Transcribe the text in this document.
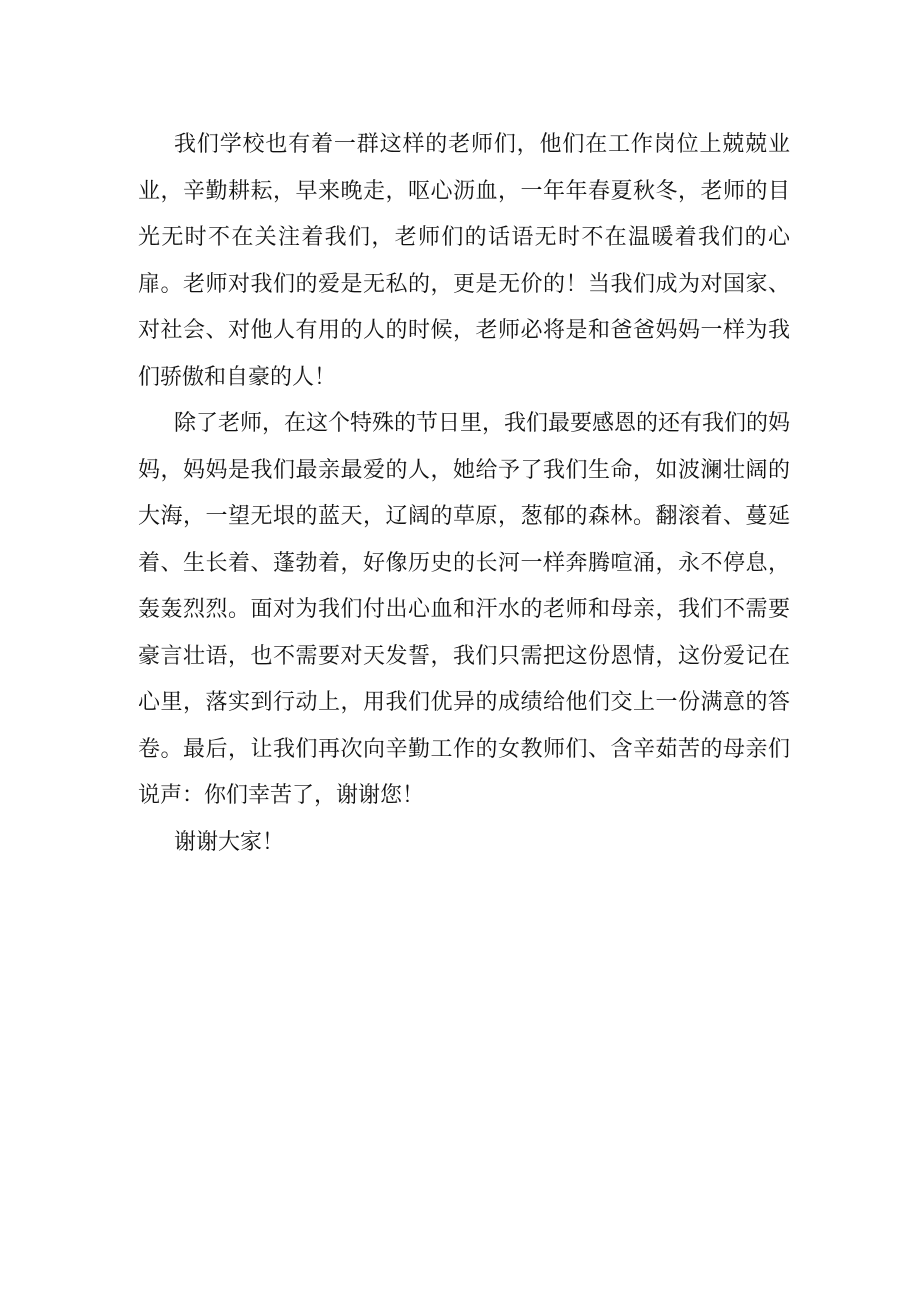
我们学校也有着一群这样的老师们，他们在工作岗位上兢兢业业，辛勤耕耘，早来晚走，呕心沥血，一年年春夏秋冬，老师的目光无时不在关注着我们，老师们的话语无时不在温暖着我们的心扉。老师对我们的爱是无私的，更是无价的！当我们成为对国家、对社会、对他人有用的人的时候，老师必将是和爸爸妈妈一样为我们骄傲和自豪的人！

除了老师，在这个特殊的节日里，我们最要感恩的还有我们的妈妈，妈妈是我们最亲最爱的人，她给予了我们生命，如波澜壮阔的大海，一望无垠的蓝天，辽阔的草原，葱郁的森林。翻滚着、蔓延着、生长着、蓬勃着，好像历史的长河一样奔腾喧涌，永不停息，轰轰烈烈。面对为我们付出心血和汗水的老师和母亲，我们不需要豪言壮语，也不需要对天发誓，我们只需把这份恩情，这份爱记在心里，落实到行动上，用我们优异的成绩给他们交上一份满意的答卷。最后，让我们再次向辛勤工作的女教师们、含辛茹苦的母亲们说声：你们幸苦了，谢谢您！

谢谢大家！
